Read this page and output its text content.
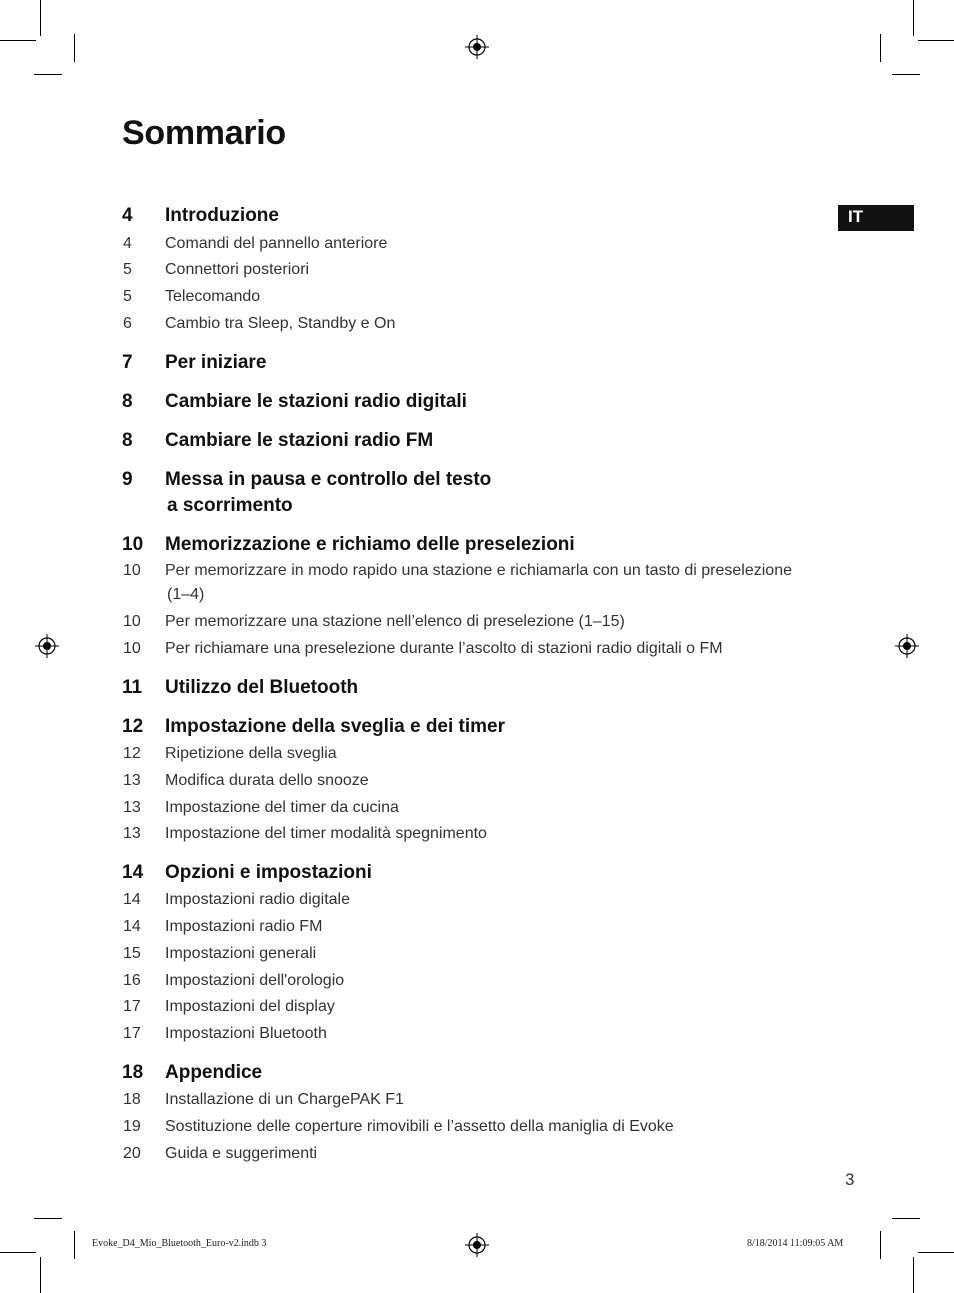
Sommario
IT
4 Introduzione
4 Comandi del pannello anteriore
5 Connettori posteriori
5 Telecomando
6 Cambio tra Sleep, Standby e On
7 Per iniziare
8 Cambiare le stazioni radio digitali
8 Cambiare le stazioni radio FM
9 Messa in pausa e controllo del testo
a scorrimento
10 Memorizzazione e richiamo delle preselezioni
10 Per memorizzare in modo rapido una stazione e richiamarla con un tasto di preselezione
(1–4)
10 Per memorizzare una stazione nell’elenco di preselezione (1–15)
10 Per richiamare una preselezione durante l’ascolto di stazioni radio digitali o FM
11 Utilizzo del Bluetooth
12 Impostazione della sveglia e dei timer
12 Ripetizione della sveglia
13 Modifica durata dello snooze
13 Impostazione del timer da cucina
13 Impostazione del timer modalità spegnimento
14 Opzioni e impostazioni
14 Impostazioni radio digitale
14 Impostazioni radio FM
15 Impostazioni generali
16 Impostazioni dell'orologio
17 Impostazioni del display
17 Impostazioni Bluetooth
18 Appendice
18 Installazione di un ChargePAK F1
19 Sostituzione delle coperture rimovibili e l’assetto della maniglia di Evoke
20 Guida e suggerimenti
3
Evoke_D4_Mio_Bluetooth_Euro-v2.indb 3	8/18/2014 11:09:05 AM
